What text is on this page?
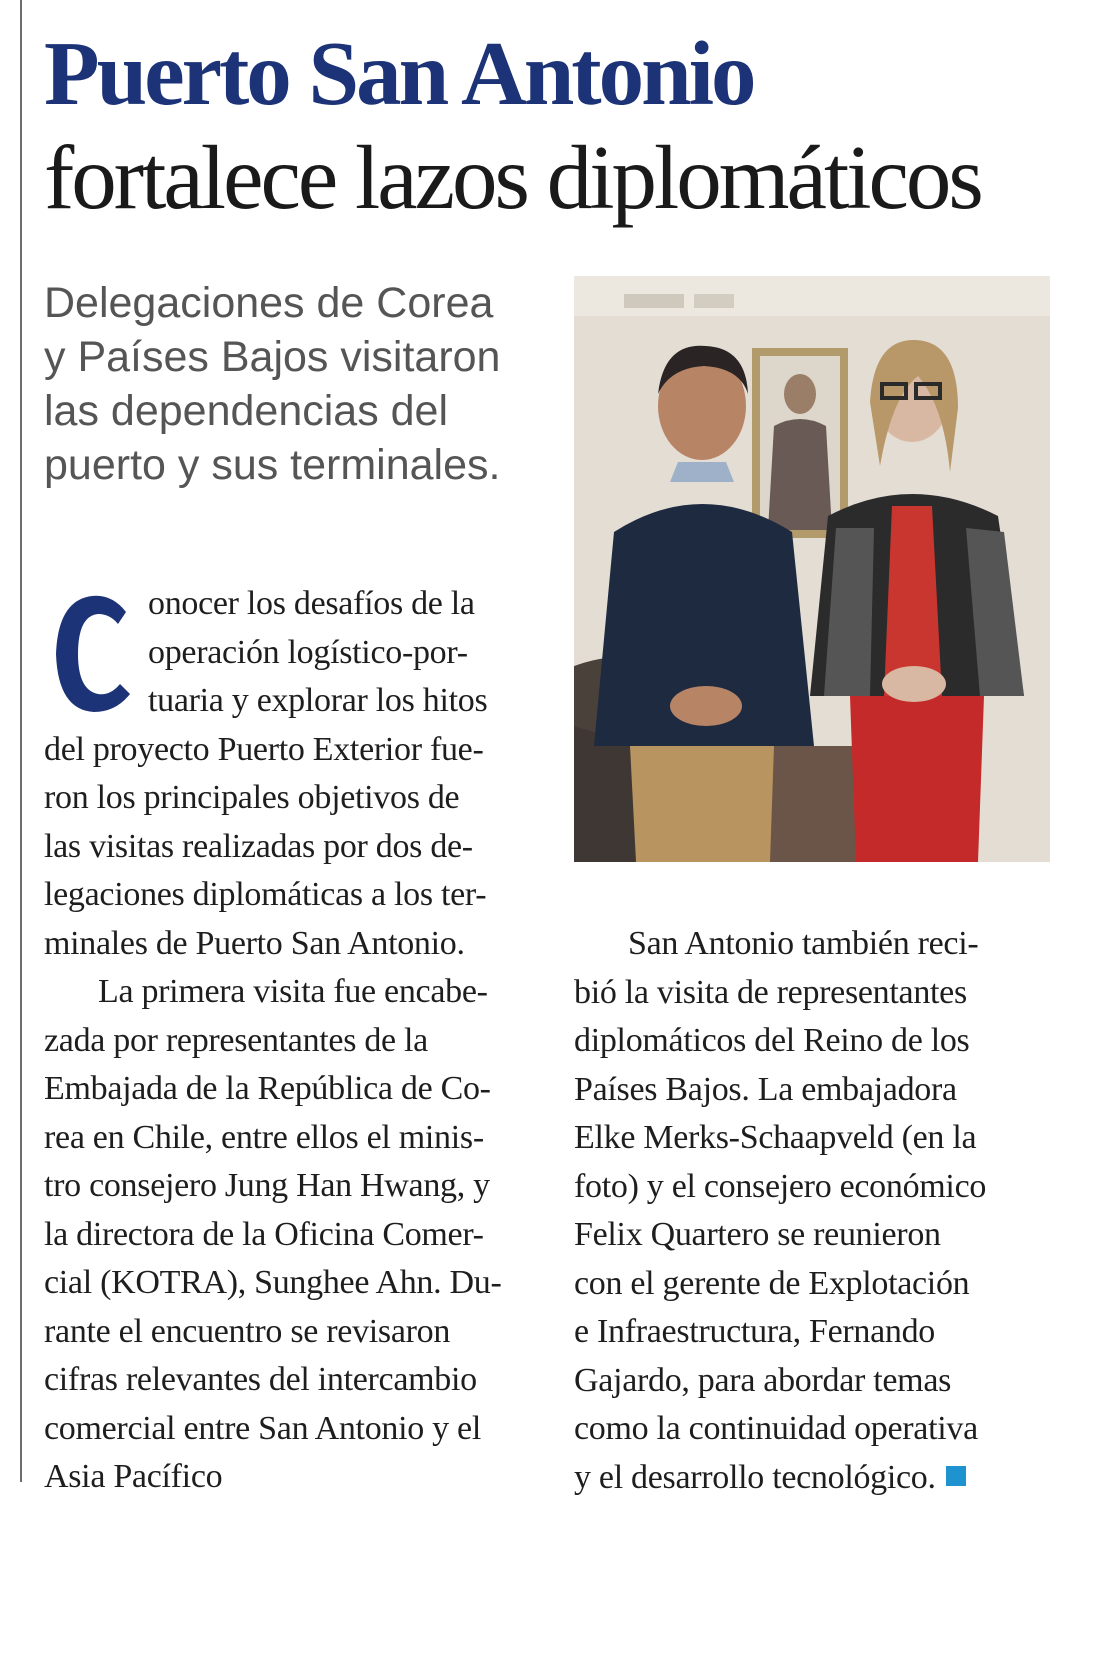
Puerto San Antonio
fortalece lazos diplomáticos

Delegaciones de Corea
y Países Bajos visitaron
las dependencias del
puerto y sus terminales.

onocer los desafíos de la
operación logístico-por-
tuaria y explorar los hitos
del proyecto Puerto Exterior fue-
ron los principales objetivos de
las visitas realizadas por dos de-
legaciones diplomáticas a los ter-
minales de Puerto San Antonio.
La primera visita fue encabe-
zada por representantes de la
Embajada de la República de Co-
rea en Chile, entre ellos el minis-
tro consejero Jung Han Hwang, y
la directora de la Oficina Comer-
cial (KOTRA), Sunghee Ahn. Du-
rante el encuentro se revisaron
cifras relevantes del intercambio
comercial entre San Antonio y el
Asia Pacífico
San Antonio también reci-
bió la visita de representantes
diplomáticos del Reino de los
Países Bajos. La embajadora
Elke Merks-Schaapveld (en la
foto) y el consejero económico
Felix Quartero se reunieron
con el gerente de Explotación
e Infraestructura, Fernando
Gajardo, para abordar temas
como la continuidad operativa
y el desarrollo tecnológico.
